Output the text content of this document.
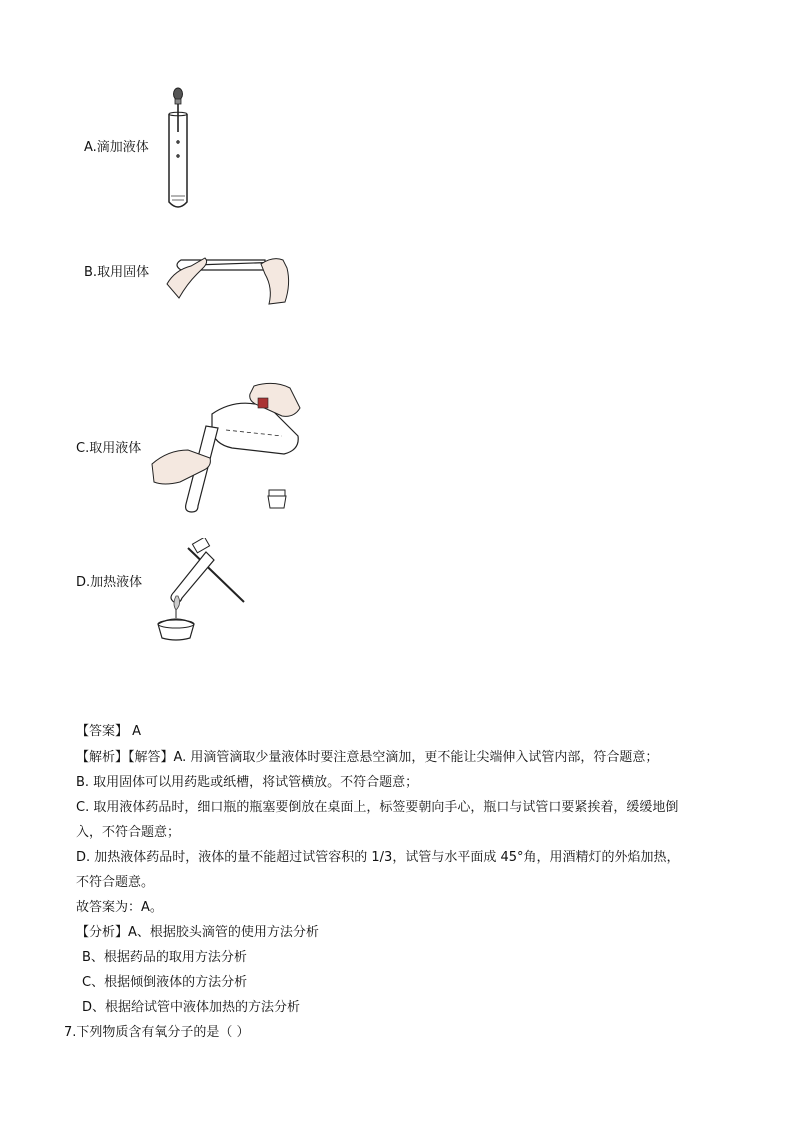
A.滴加液体
B.取用固体
C.取用液体
D.加热液体
【答案】 A
【解析】【解答】A. 用滴管滴取少量液体时要注意悬空滴加，更不能让尖端伸入试管内部，符合题意；
B. 取用固体可以用药匙或纸槽，将试管横放。不符合题意；
C. 取用液体药品时，细口瓶的瓶塞要倒放在桌面上，标签要朝向手心，瓶口与试管口要紧挨着，缓缓地倒
入，不符合题意；
D. 加热液体药品时，液体的量不能超过试管容积的 1/3，试管与水平面成 45°角，用酒精灯的外焰加热，
不符合题意。
故答案为：A。
【分析】A、根据胶头滴管的使用方法分析
B、根据药品的取用方法分析
C、根据倾倒液体的方法分析
D、根据给试管中液体加热的方法分析
7.下列物质含有氧分子的是（ ）
